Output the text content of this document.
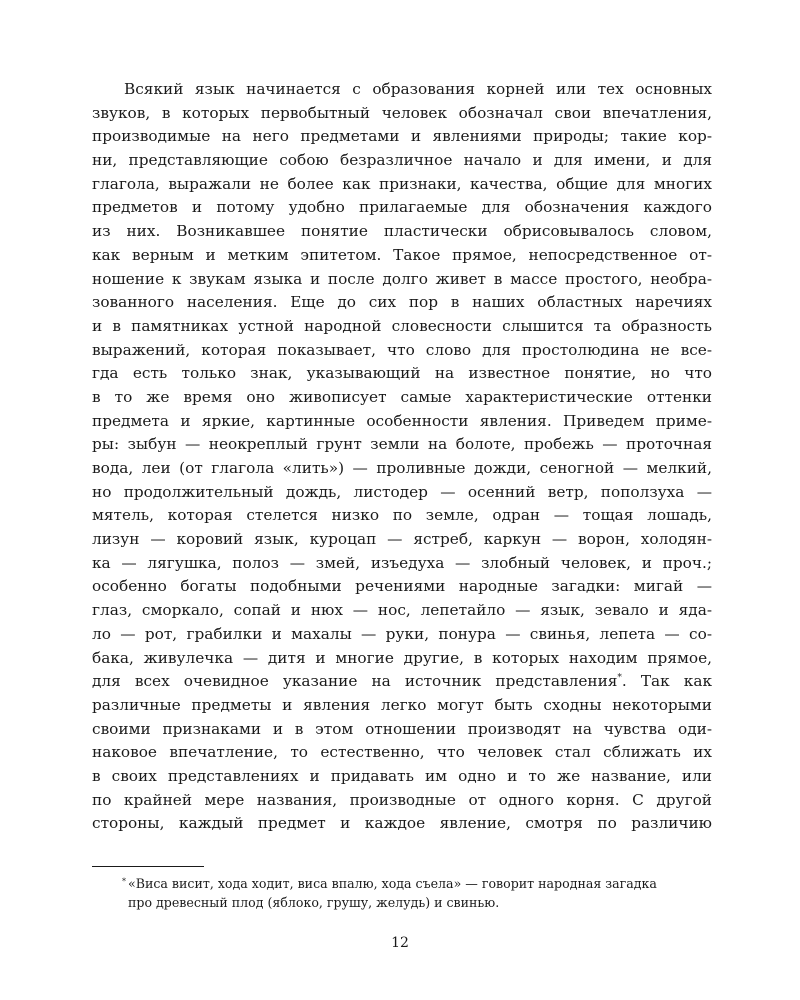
Всякий язык начинается с образования корней или тех основных
звуков, в которых первобытный человек обозначал свои впечатления,
производимые на него предметами и явлениями природы; такие кор-
ни, представляющие собою безразличное начало и для имени, и для
глагола, выражали не более как признаки, качества, общие для многих
предметов и потому удобно прилагаемые для обозначения каждого
из них. Возникавшее понятие пластически обрисовывалось словом,
как верным и метким эпитетом. Такое прямое, непосредственное от-
ношение к звукам языка и после долго живет в массе простого, необра-
зованного населения. Еще до сих пор в наших областных наречиях
и в памятниках устной народной словесности слышится та образность
выражений, которая показывает, что слово для простолюдина не все-
гда есть только знак, указывающий на известное понятие, но что
в то же время оно живописует самые характеристические оттенки
предмета и яркие, картинные особенности явления. Приведем приме-
ры: зыбун — неокреплый грунт земли на болоте, пробежь — проточная
вода, леи (от глагола «лить») — проливные дожди, сеногной — мелкий,
но продолжительный дождь, листодер — осенний ветр, поползуха —
мятель, которая стелется низко по земле, одран — тощая лошадь,
лизун — коровий язык, куроцап — ястреб, каркун — ворон, холодян-
ка — лягушка, полоз — змей, изъедуха — злобный человек, и проч.;
особенно богаты подобными речениями народные загадки: мигай —
глаз, сморкало, сопай и нюх — нос, лепетайло — язык, зевало и ядa-
ло — рот, грабилки и махалы — руки, понура — свинья, лепета — со-
бака, живулечка — дитя и многие другие, в которых находим прямое,
для всех очевидное указание на источник представления*. Так как
различные предметы и явления легко могут быть сходны некоторыми
своими признаками и в этом отношении производят на чувства оди-
наковое впечатление, то естественно, что человек стал сближать их
в своих представлениях и придавать им одно и то же название, или
по крайней мере названия, производные от одного корня. С другой
стороны, каждый предмет и каждое явление, смотря по различию
* «Виса висит, хода ходит, виса впалю, хода съела» — говорит народная загадка
про древесный плод (яблоко, грушу, желудь) и свинью.
12
